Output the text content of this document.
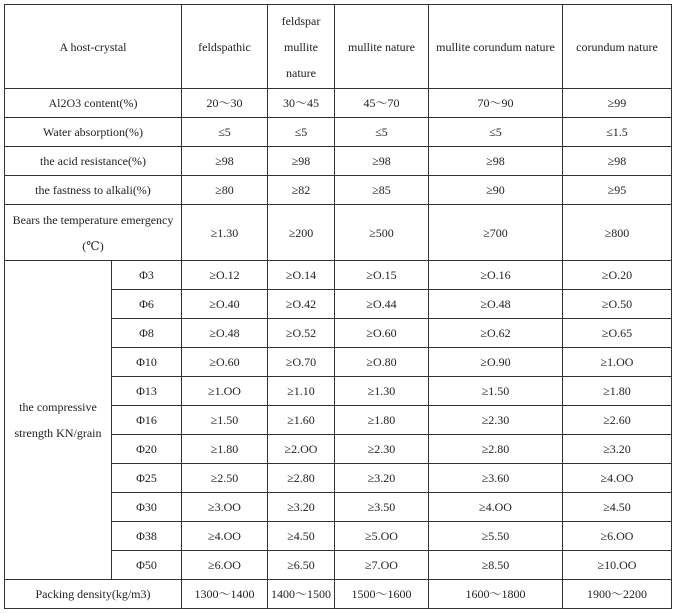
A host-crystal		feldspathic	feldspar mullite nature	mullite nature	mullite corundum nature	corundum nature
Al2O3 content(%)		20～30	30～45	45～70	70～90	≥99
Water absorption(%)		≤5	≤5	≤5	≤5	≤1.5
the acid resistance(%)		≥98	≥98	≥98	≥98	≥98
the fastness to alkali(%)		≥80	≥82	≥85	≥90	≥95
Bears the temperature emergency (℃)		≥1.30	≥200	≥500	≥700	≥800
the compressive strength KN/grain	Φ3	≥O.12	≥O.14	≥O.15	≥O.16	≥O.20
	Φ6	≥O.40	≥O.42	≥O.44	≥O.48	≥O.50
	Φ8	≥O.48	≥O.52	≥O.60	≥O.62	≥O.65
	Φ10	≥O.60	≥O.70	≥O.80	≥O.90	≥1.OO
	Φ13	≥1.OO	≥1.10	≥1.30	≥1.50	≥1.80
	Φ16	≥1.50	≥1.60	≥1.80	≥2.30	≥2.60
	Φ20	≥1.80	≥2.OO	≥2.30	≥2.80	≥3.20
	Φ25	≥2.50	≥2.80	≥3.20	≥3.60	≥4.OO
	Φ30	≥3.OO	≥3.20	≥3.50	≥4.OO	≥4.50
	Φ38	≥4.OO	≥4.50	≥5.OO	≥5.50	≥6.OO
	Φ50	≥6.OO	≥6.50	≥7.OO	≥8.50	≥10.OO
Packing density(kg/m3)		1300～1400	1400～1500	1500～1600	1600～1800	1900～2200
